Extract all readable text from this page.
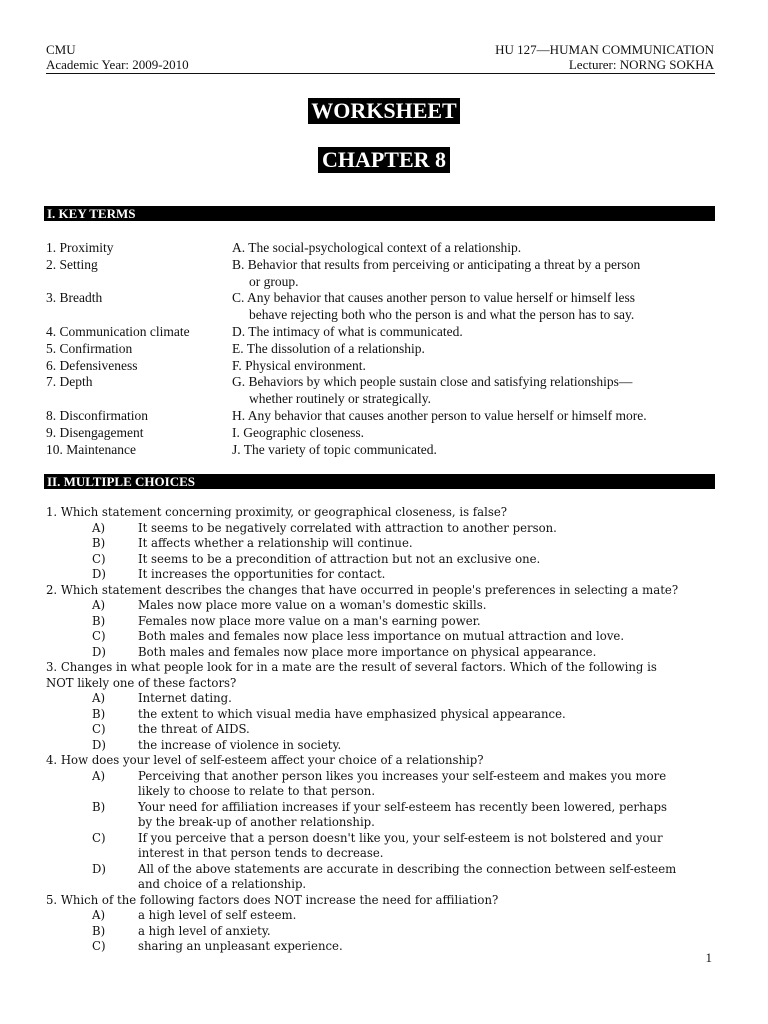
CMU
Academic Year: 2009-2010
HU 127—HUMAN COMMUNICATION
Lecturer: NORNG SOKHA
WORKSHEET
CHAPTER 8
I. KEY TERMS
1. Proximity	A. The social-psychological context of a relationship.
2. Setting	B. Behavior that results from perceiving or anticipating a threat by a person
or group.
3. Breadth	C. Any behavior that causes another person to value herself or himself less
behave rejecting both who the person is and what the person has to say.
4. Communication climate	D. The intimacy of what is communicated.
5. Confirmation	E. The dissolution of a relationship.
6. Defensiveness	F. Physical environment.
7. Depth	G. Behaviors by which people sustain close and satisfying relationships—
whether routinely or strategically.
8. Disconfirmation	H. Any behavior that causes another person to value herself or himself more.
9. Disengagement	I. Geographic closeness.
10. Maintenance	J. The variety of topic communicated.
II. MULTIPLE CHOICES
1. Which statement concerning proximity, or geographical closeness, is false?
A)	It seems to be negatively correlated with attraction to another person.
B)	It affects whether a relationship will continue.
C)	It seems to be a precondition of attraction but not an exclusive one.
D)	It increases the opportunities for contact.
2. Which statement describes the changes that have occurred in people's preferences in selecting a mate?
A)	Males now place more value on a woman's domestic skills.
B)	Females now place more value on a man's earning power.
C)	Both males and females now place less importance on mutual attraction and love.
D)	Both males and females now place more importance on physical appearance.
3. Changes in what people look for in a mate are the result of several factors. Which of the following is
NOT likely one of these factors?
A)	Internet dating.
B)	the extent to which visual media have emphasized physical appearance.
C)	the threat of AIDS.
D)	the increase of violence in society.
4. How does your level of self-esteem affect your choice of a relationship?
A)	Perceiving that another person likes you increases your self-esteem and makes you more
likely to choose to relate to that person.
B)	Your need for affiliation increases if your self-esteem has recently been lowered, perhaps
by the break-up of another relationship.
C)	If you perceive that a person doesn't like you, your self-esteem is not bolstered and your
interest in that person tends to decrease.
D)	All of the above statements are accurate in describing the connection between self-esteem
and choice of a relationship.
5. Which of the following factors does NOT increase the need for affiliation?
A)	a high level of self esteem.
B)	a high level of anxiety.
C)	sharing an unpleasant experience.
1
